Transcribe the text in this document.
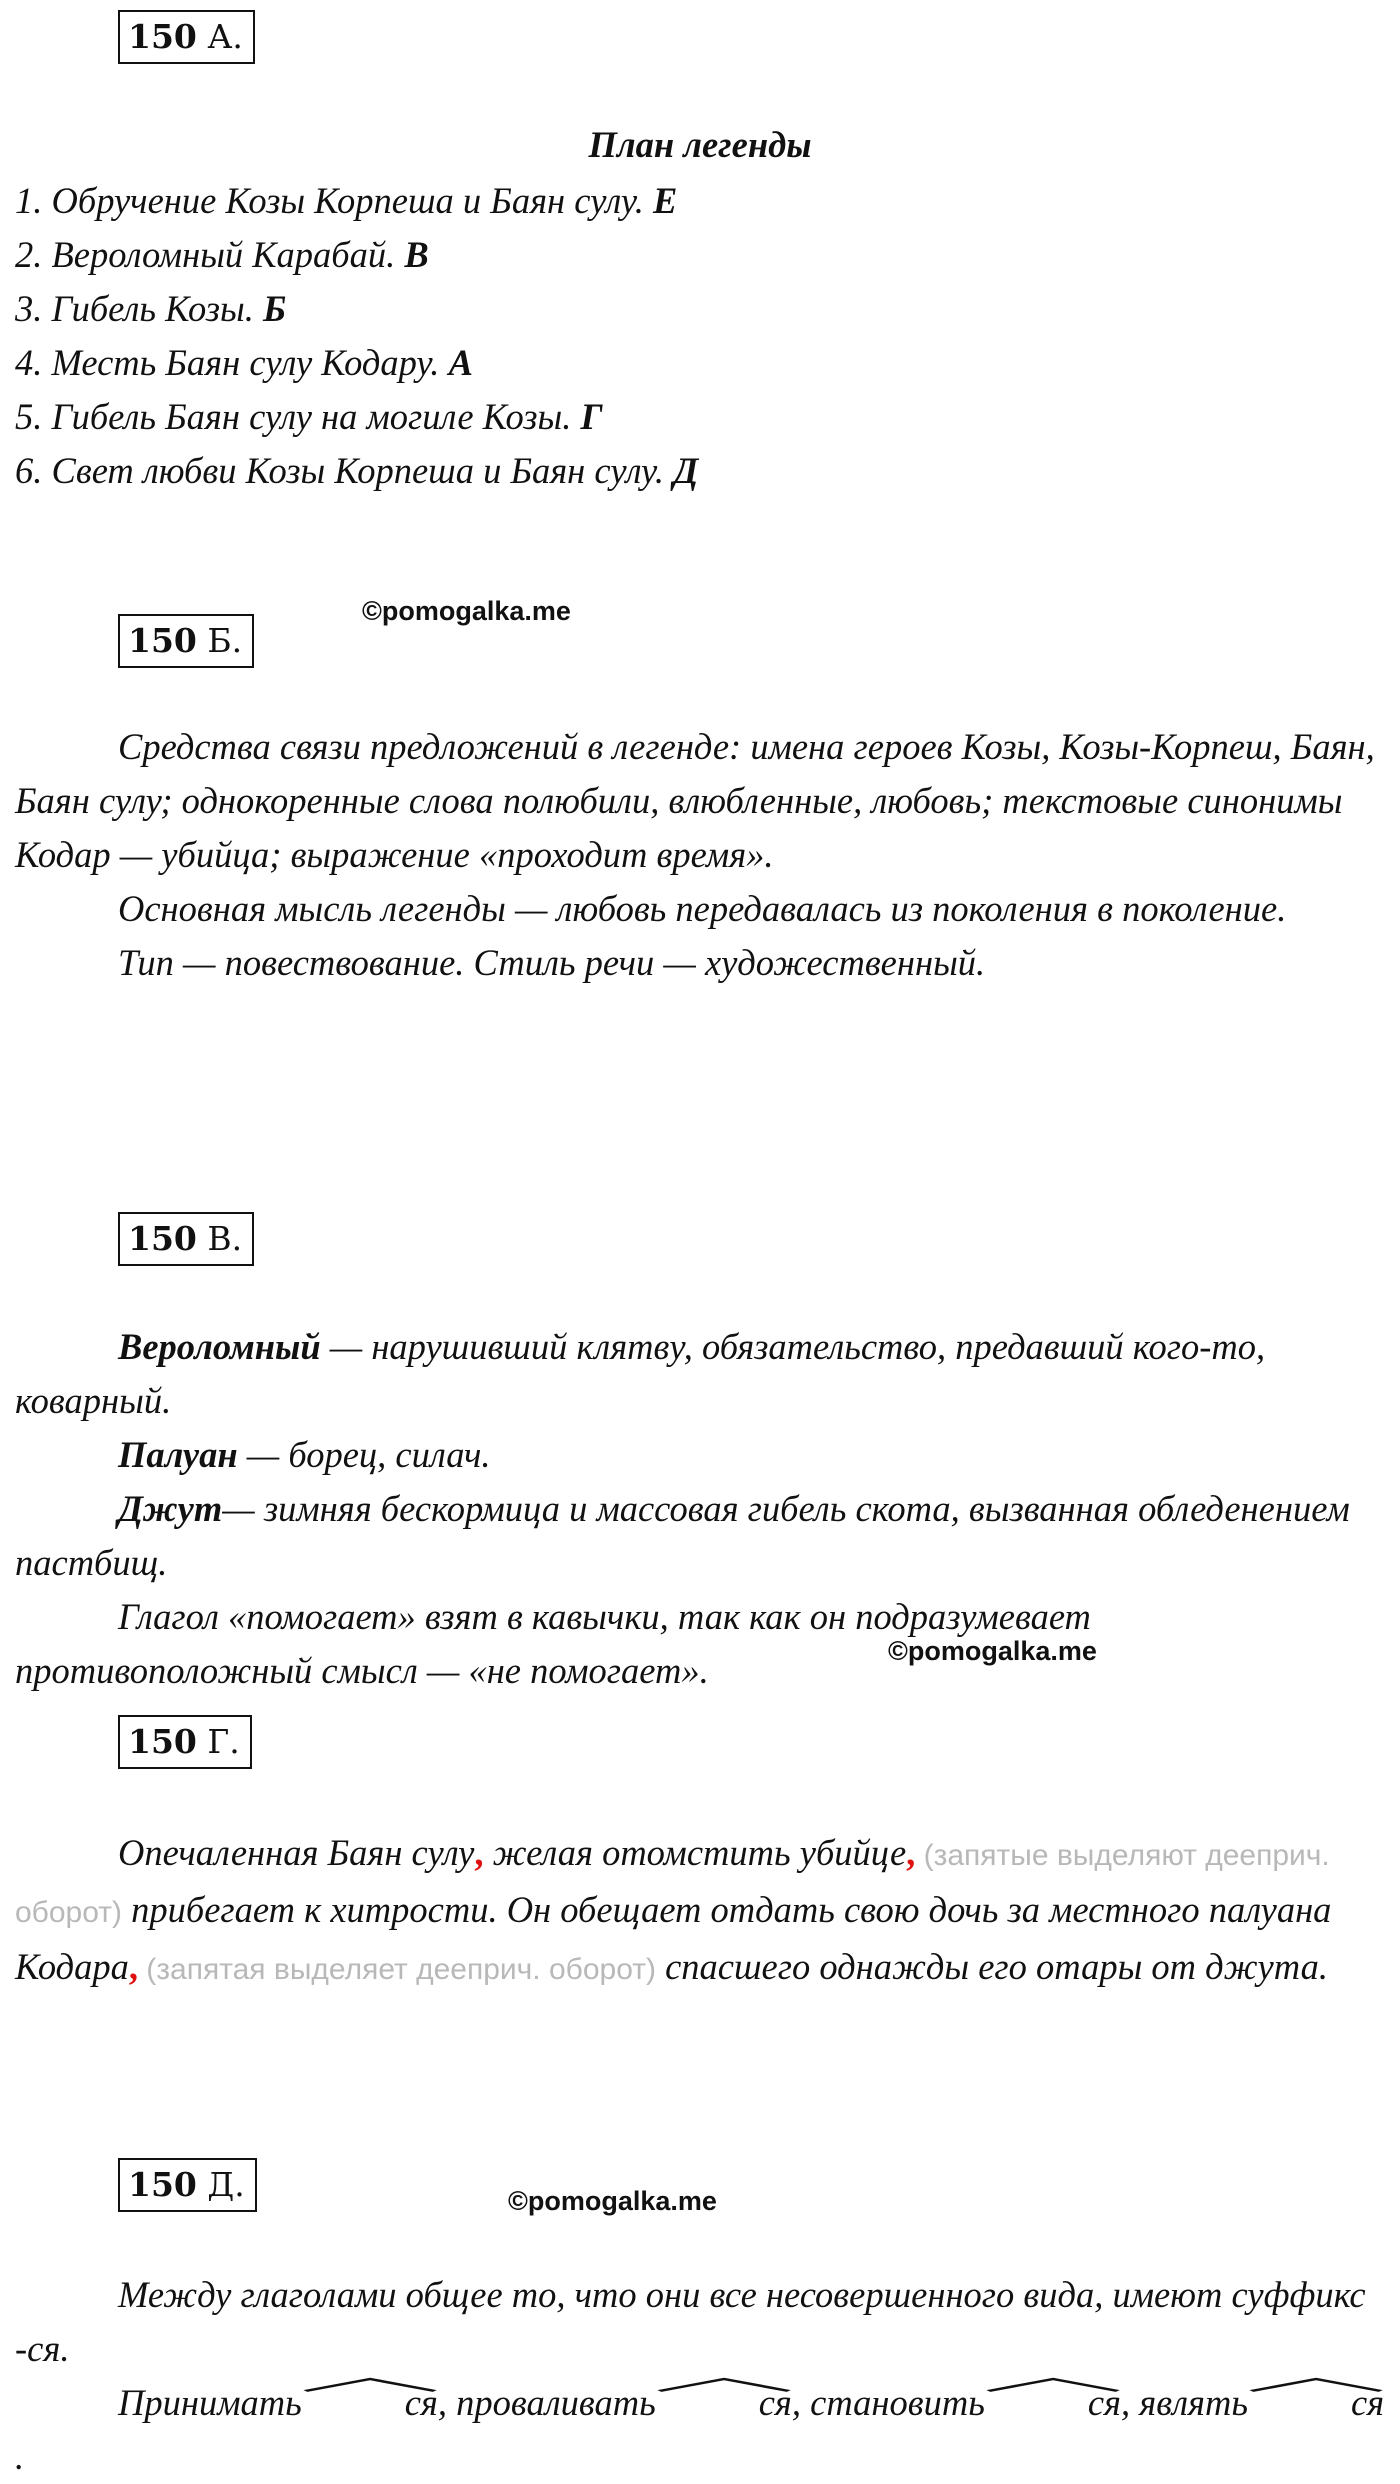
150 А.
План легенды
1. Обручение Козы Корпеша и Баян сулу. Е
2. Вероломный Карабай. В
3. Гибель Козы. Б
4. Месть Баян сулу Кодару. А
5. Гибель Баян сулу на могиле Козы. Г
6. Свет любви Козы Корпеша и Баян сулу. Д
150 Б.
©pomogalka.me

Средства связи предложений в легенде: имена героев Козы, Козы-Корпеш, Баян, Баян сулу; однокоренные слова полюбили, влюбленные, любовь; текстовые синонимы Кодар — убийца; выражение «проходит время».

Основная мысль легенды — любовь передавалась из поколения в поколение.

Тип — повествование. Стиль речи — художественный.

150 В.

Вероломный — нарушивший клятву, обязательство, предавший кого-то, коварный.

Палуан — борец, силач.

Джут— зимняя бескормица и массовая гибель скота, вызванная обледенением пастбищ.

Глагол «помогает» взят в кавычки, так как он подразумевает противоположный смысл — «не помогает».	©pomogalka.me
150 Г.

Опечаленная Баян сулу, желая отомстить убийце, (запятые выделяют дееприч. оборот) прибегает к хитрости. Он обещает отдать свою дочь за местного палуана Кодара, (запятая выделяет дееприч. оборот) спасшего однажды его отары от джута.

150 Д.	©pomogalka.me

Между глаголами общее то, что они все несовершенного вида, имеют суффикс -ся.

Принимать	ся, проваливать	ся, становить	ся, являть	ся.
